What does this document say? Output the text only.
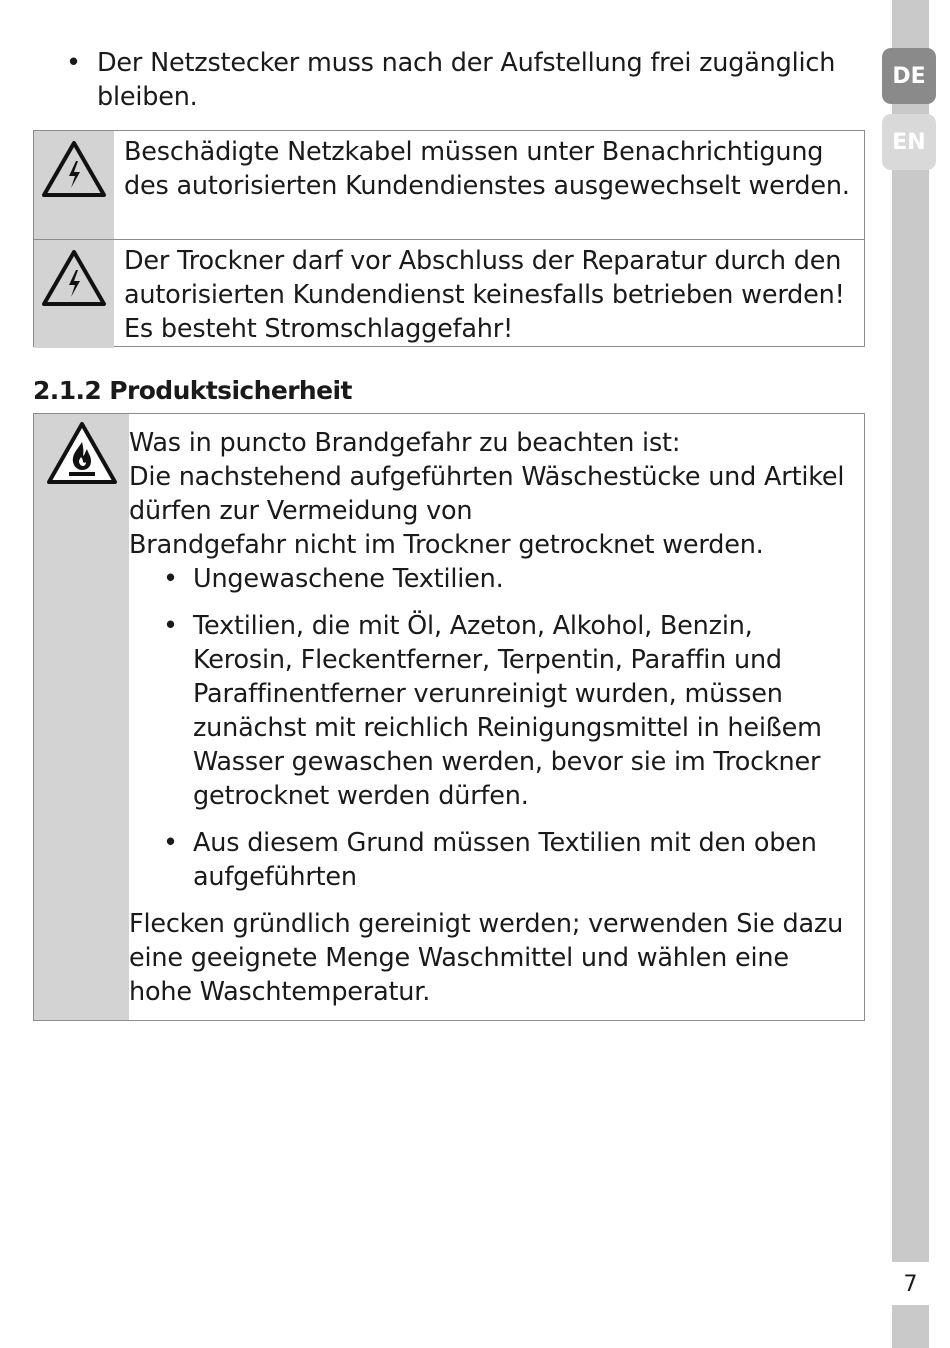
DE
EN
7
• Der Netzstecker muss nach der Aufstellung frei zugänglich bleiben.
Beschädigte Netzkabel müssen unter Benachrichtigung des autorisierten Kundendienstes ausgewechselt werden.
Der Trockner darf vor Abschluss der Reparatur durch den autorisierten Kundendienst keinesfalls betrieben werden! Es besteht Stromschlaggefahr!
2.1.2 Produktsicherheit

Was in puncto Brandgefahr zu beachten ist:

Die nachstehend aufgeführten Wäschestücke und Artikel dürfen zur Vermeidung von

Brandgefahr nicht im Trockner getrocknet werden.

• Ungewaschene Textilien.
• Textilien, die mit Öl, Azeton, Alkohol, Benzin, Kerosin, Fleckentferner, Terpentin, Paraffin und Paraffinentferner verunreinigt wurden, müssen zunächst mit reichlich Reinigungsmittel in heißem Wasser gewaschen werden, bevor sie im Trockner getrocknet werden dürfen.
• Aus diesem Grund müssen Textilien mit den oben aufgeführten

Flecken gründlich gereinigt werden; verwenden Sie dazu eine geeignete Menge Waschmittel und wählen eine hohe Waschtemperatur.
